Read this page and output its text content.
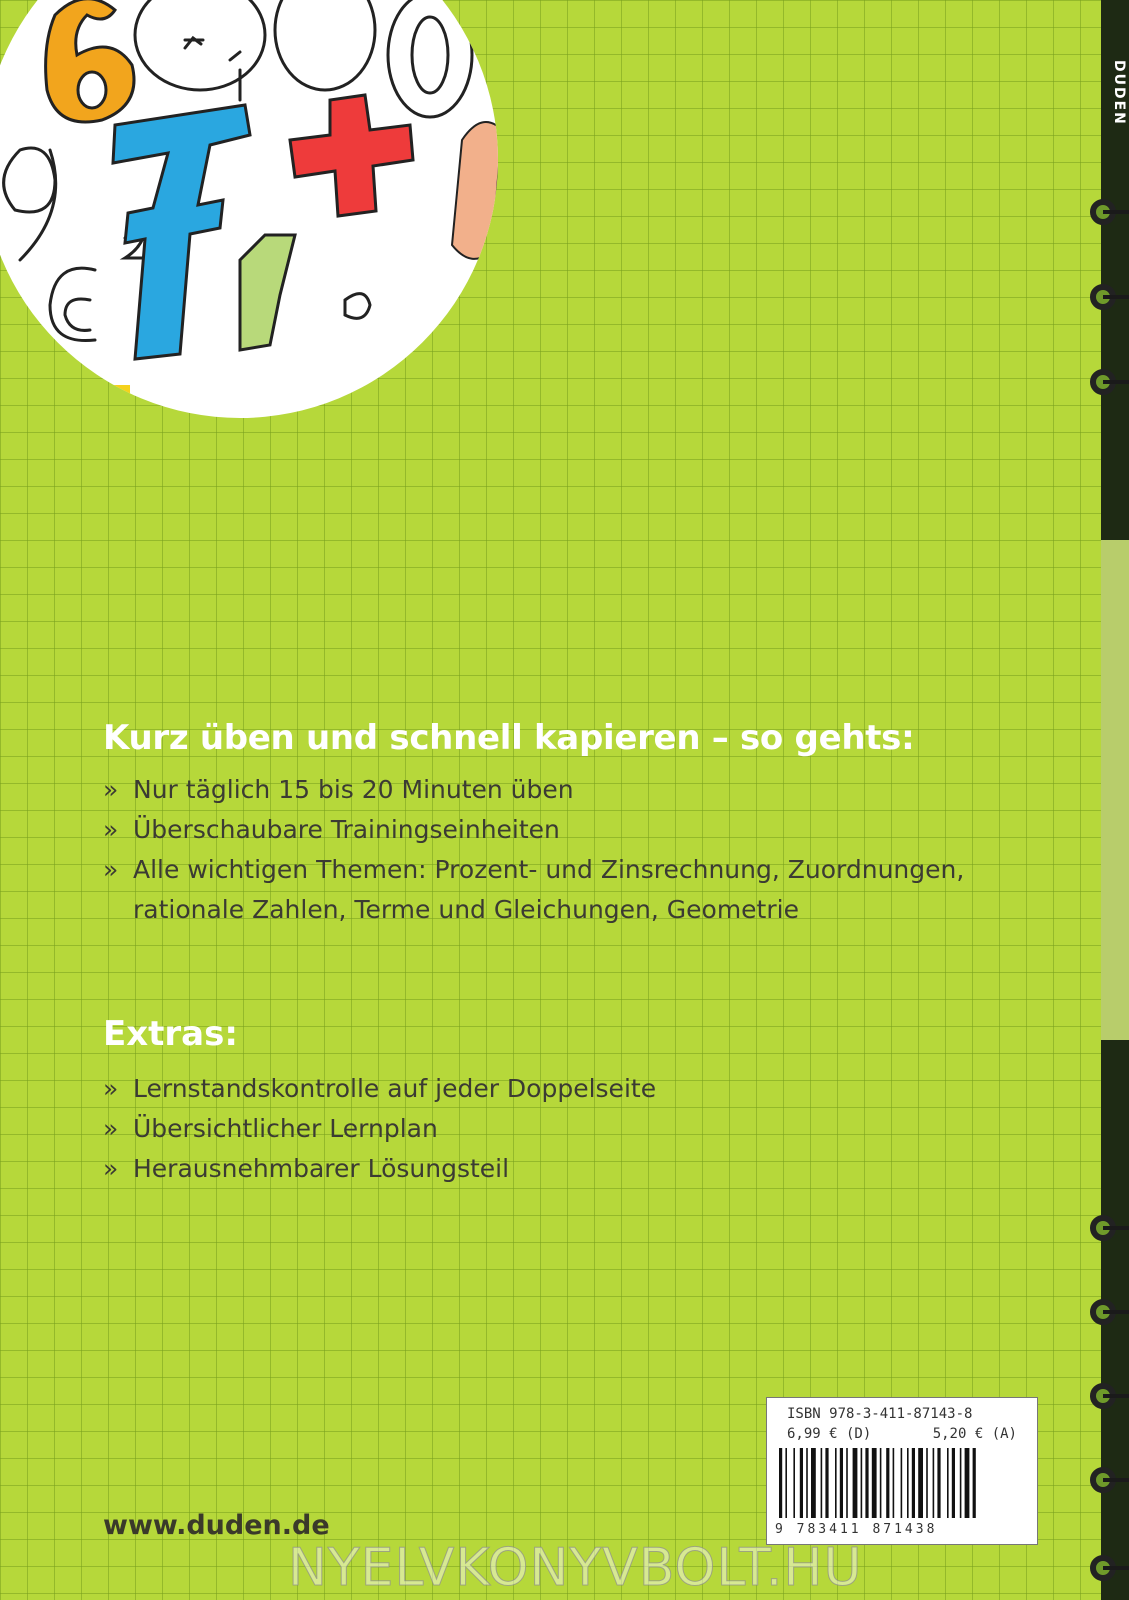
DUDEN
Kurz üben und schnell kapieren – so gehts:
» Nur täglich 15 bis 20 Minuten üben
» Überschaubare Trainingseinheiten
» Alle wichtigen Themen: Prozent- und Zinsrechnung, Zuordnungen, rationale Zahlen, Terme und Gleichungen, Geometrie
Extras:
» Lernstandskontrolle auf jeder Doppelseite
» Übersichtlicher Lernplan
» Herausnehmbarer Lösungsteil
www.duden.de
ISBN 978-3-411-87143-8
6,99 € (D)	5,20 € (A)
9 783411 871438
NYELVKONYVBOLT.HU
